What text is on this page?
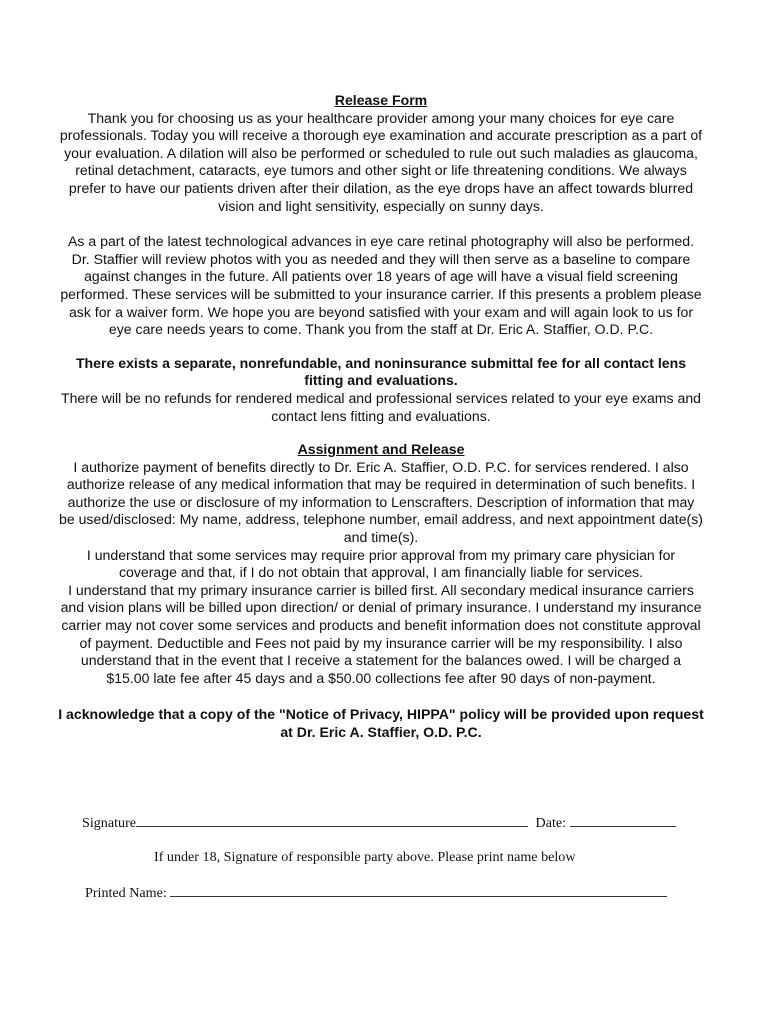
Release Form
Thank you for choosing us as your healthcare provider among your many choices for eye care professionals. Today you will receive a thorough eye examination and accurate prescription as a part of your evaluation. A dilation will also be performed or scheduled to rule out such maladies as glaucoma, retinal detachment, cataracts, eye tumors and other sight or life threatening conditions. We always prefer to have our patients driven after their dilation, as the eye drops have an affect towards blurred vision and light sensitivity, especially on sunny days.
As a part of the latest technological advances in eye care retinal photography will also be performed. Dr. Staffier will review photos with you as needed and they will then serve as a baseline to compare against changes in the future. All patients over 18 years of age will have a visual field screening performed. These services will be submitted to your insurance carrier. If this presents a problem please ask for a waiver form. We hope you are beyond satisfied with your exam and will again look to us for eye care needs years to come. Thank you from the staff at Dr. Eric A. Staffier, O.D. P.C.
There exists a separate, nonrefundable, and noninsurance submittal fee for all contact lens fitting and evaluations.
There will be no refunds for rendered medical and professional services related to your eye exams and contact lens fitting and evaluations.
Assignment and Release
I authorize payment of benefits directly to Dr. Eric A. Staffier, O.D. P.C. for services rendered. I also authorize release of any medical information that may be required in determination of such benefits. I authorize the use or disclosure of my information to Lenscrafters. Description of information that may be used/disclosed: My name, address, telephone number, email address, and next appointment date(s) and time(s).
I understand that some services may require prior approval from my primary care physician for coverage and that, if I do not obtain that approval, I am financially liable for services.
I understand that my primary insurance carrier is billed first. All secondary medical insurance carriers and vision plans will be billed upon direction/ or denial of primary insurance. I understand my insurance carrier may not cover some services and products and benefit information does not constitute approval of payment. Deductible and Fees not paid by my insurance carrier will be my responsibility. I also understand that in the event that I receive a statement for the balances owed. I will be charged a $15.00 late fee after 45 days and a $50.00 collections fee after 90 days of non-payment.
I acknowledge that a copy of the "Notice of Privacy, HIPPA" policy will be provided upon request at Dr. Eric A. Staffier, O.D. P.C.
Signature	Date:
If under 18, Signature of responsible party above. Please print name below
Printed Name:
